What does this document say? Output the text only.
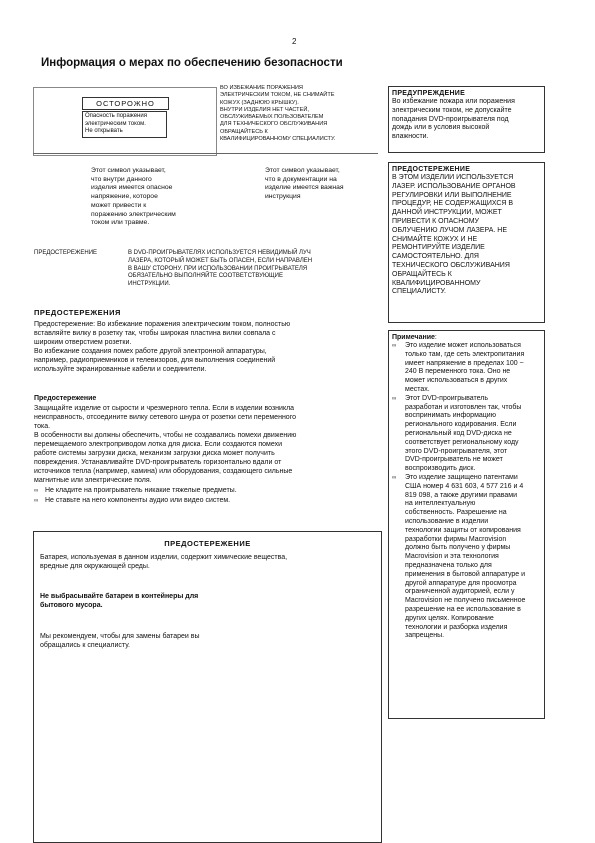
2
Информация о мерах по обеспечению безопасности
ОСТОРОЖНО
Опасность поражения
электрическим током.
Не открывать
ВО ИЗБЕЖАНИЕ ПОРАЖЕНИЯ
ЭЛЕКТРИЧЕСКИМ ТОКОМ, НЕ СНИМАЙТЕ
КОЖУХ (ЗАДНЮЮ КРЫШКУ).
ВНУТРИ ИЗДЕЛИЯ НЕТ ЧАСТЕЙ,
ОБСЛУЖИВАЕМЫХ ПОЛЬЗОВАТЕЛЕМ
ДЛЯ ТЕХНИЧЕСКОГО ОБСЛУЖИВАНИЯ
ОБРАЩАЙТЕСЬ К
КВАЛИФИЦИРОВАННОМУ СПЕЦИАЛИСТУ.
Этот символ указывает,
что внутри данного
изделия имеется опасное
напряжение, которое
может привести к
поражению электрическим
током или травме.
Этот символ указывает,
что в документации на
изделие имеется важная
инструкция
ПРЕДОСТЕРЕЖЕНИЕ	В DVD-ПРОИГРЫВАТЕЛЯХ ИСПОЛЬЗУЕТСЯ НЕВИДИМЫЙ ЛУЧ
ЛАЗЕРА, КОТОРЫЙ МОЖЕТ БЫТЬ ОПАСЕН, ЕСЛИ НАПРАВЛЕН
В ВАШУ СТОРОНУ. ПРИ ИСПОЛЬЗОВАНИИ ПРОИГРЫВАТЕЛЯ
ОБЯЗАТЕЛЬНО ВЫПОЛНЯЙТЕ СООТВЕТСТВУЮЩИЕ
ИНСТРУКЦИИ.
ПРЕДОСТЕРЕЖЕНИЯ
Предостережение: Во избежание поражения электрическим током, полностью
вставляйте вилку в розетку так, чтобы широкая пластина вилки совпала с
широким отверстием розетки.
Во избежание создания помех работе другой электронной аппаратуры,
например, радиоприемников и телевизоров, для выполнения соединений
используйте экранированные кабели и соединители.
Предостережение
Защищайте изделие от сырости и чрезмерного тепла. Если в изделии возникла
неисправность, отсоедините вилку сетевого шнура от розетки сети переменного
тока.
В особенности вы должны обеспечить, чтобы не создавались помехи движению
перемещаемого электроприводом лотка для диска. Если создаются помехи
работе системы загрузки диска, механизм загрузки диска может получить
повреждения. Устанавливайте DVD-проигрыватель горизонтально вдали от
источников тепла (например, камина) или оборудования, создающего сильные
магнитные или электрические поля.
∞ Не кладите на проигрыватель никакие тяжелые предметы.
∞ Не ставьте на него компоненты аудио или видео систем.
ПРЕДОСТЕРЕЖЕНИЕ
Батарея, используемая в данном изделии, содержит химические вещества,
вредные для окружающей среды.
Не выбрасывайте батареи в контейнеры для
бытового мусора.
Мы рекомендуем, чтобы для замены батареи вы
обращались к специалисту.
ПРЕДУПРЕЖДЕНИЕ
Во избежание пожара или поражения
электрическим током, не допускайте
попадания DVD-проигрывателя под
дождь или в условия высокой
влажности.
ПРЕДОСТЕРЕЖЕНИЕ
В ЭТОМ ИЗДЕЛИИ ИСПОЛЬЗУЕТСЯ
ЛАЗЕР. ИСПОЛЬЗОВАНИЕ ОРГАНОВ
РЕГУЛИРОВКИ ИЛИ ВЫПОЛНЕНИЕ
ПРОЦЕДУР, НЕ СОДЕРЖАЩИХСЯ В
ДАННОЙ ИНСТРУКЦИИ, МОЖЕТ
ПРИВЕСТИ К ОПАСНОМУ
ОБЛУЧЕНИЮ ЛУЧОМ ЛАЗЕРА. НЕ
СНИМАЙТЕ КОЖУХ И НЕ
РЕМОНТИРУЙТЕ ИЗДЕЛИЕ
САМОСТОЯТЕЛЬНО. ДЛЯ
ТЕХНИЧЕСКОГО ОБСЛУЖИВАНИЯ
ОБРАЩАЙТЕСЬ К
КВАЛИФИЦИРОВАННОМУ
СПЕЦИАЛИСТУ.
Примечание:
∞	Это изделие может использоваться
только там, где сеть электропитания
имеет напряжение в пределах 100 ~
240 В переменного тока. Оно не
может использоваться в других
местах.
∞	Этот DVD-проигрыватель
разработан и изготовлен так, чтобы
воспринимать информацию
регионального кодирования. Если
региональный код DVD-диска не
соответствует региональному коду
этого DVD-проигрывателя, этот
DVD-проигрыватель не может
воспроизводить диск.
∞	Это изделие защищено патентами
США номер 4 631 603, 4 577 216 и 4
819 098, а также другими правами
на интеллектуальную
собственность. Разрешение на
использование в изделии
технологии защиты от копирования
разработки фирмы Macrovision
должно быть получено у фирмы
Macrovision и эта технология
предназначена только для
применения в бытовой аппаратуре и
другой аппаратуре для просмотра
ограниченной аудиторией, если у
Macrovision не получено письменное
разрешение на ее использование в
других целях. Копирование
технологии и разборка изделия
запрещены.
